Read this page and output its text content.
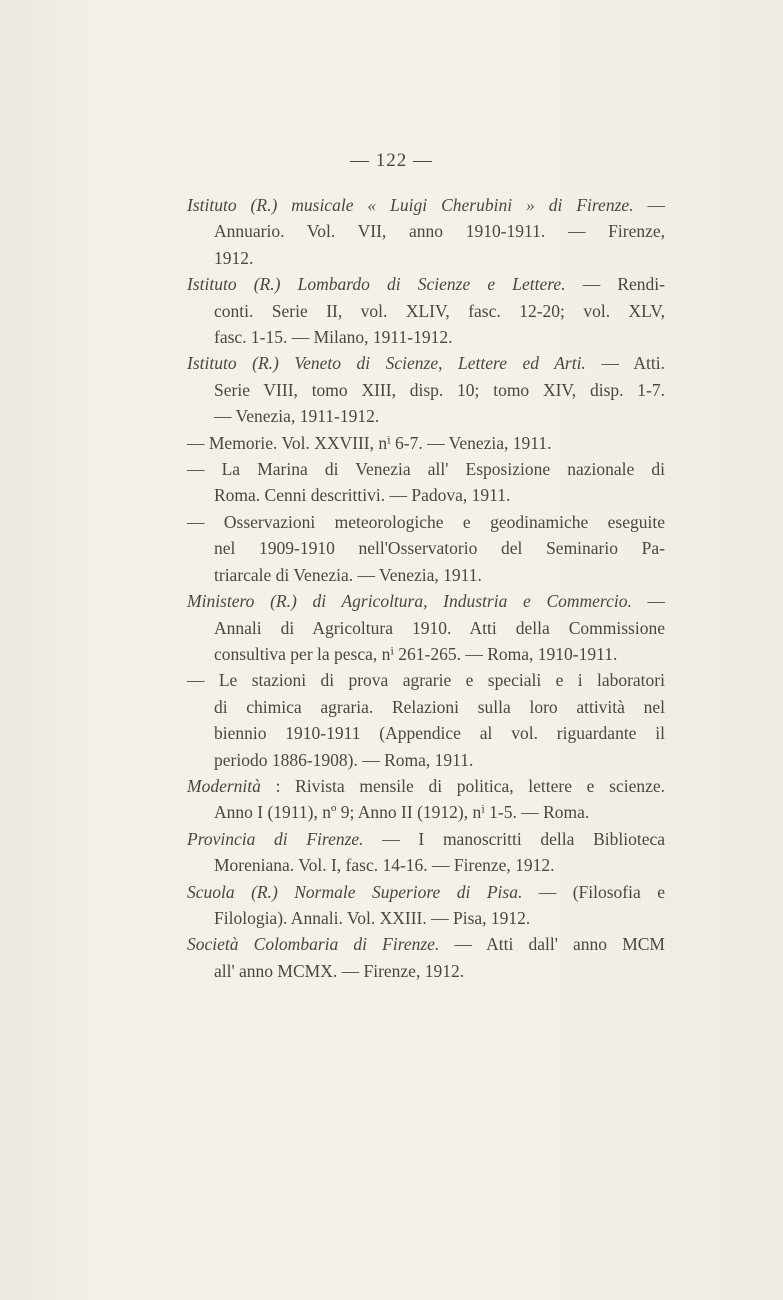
— 122 —

Istituto (R.) musicale « Luigi Cherubini » di Firenze. —
Annuario. Vol. VII, anno 1910-1911. — Firenze,
1912.

Istituto (R.) Lombardo di Scienze e Lettere. — Rendi-
conti. Serie II, vol. XLIV, fasc. 12-20; vol. XLV,
fasc. 1-15. — Milano, 1911-1912.

Istituto (R.) Veneto di Scienze, Lettere ed Arti. — Atti.
Serie VIII, tomo XIII, disp. 10; tomo XIV, disp. 1-7.
— Venezia, 1911-1912.

— Memorie. Vol. XXVIII, nⁱ 6-7. — Venezia, 1911.

— La Marina di Venezia all' Esposizione nazionale di
Roma. Cenni descrittivi. — Padova, 1911.

— Osservazioni meteorologiche e geodinamiche eseguite
nel 1909-1910 nell'Osservatorio del Seminario Pa-
triarcale di Venezia. — Venezia, 1911.

Ministero (R.) di Agricoltura, Industria e Commercio. —
Annali di Agricoltura 1910. Atti della Commissione
consultiva per la pesca, nⁱ 261-265. — Roma, 1910-1911.

— Le stazioni di prova agrarie e speciali e i laboratori
di chimica agraria. Relazioni sulla loro attività nel
biennio 1910-1911 (Appendice al vol. riguardante il
periodo 1886-1908). — Roma, 1911.

Modernità : Rivista mensile di politica, lettere e scienze.
Anno I (1911), nº 9; Anno II (1912), nⁱ 1-5. — Roma.

Provincia di Firenze. — I manoscritti della Biblioteca
Moreniana. Vol. I, fasc. 14-16. — Firenze, 1912.

Scuola (R.) Normale Superiore di Pisa. — (Filosofia e
Filologia). Annali. Vol. XXIII. — Pisa, 1912.

Società Colombaria di Firenze. — Atti dall' anno MCM
all' anno MCMX. — Firenze, 1912.
